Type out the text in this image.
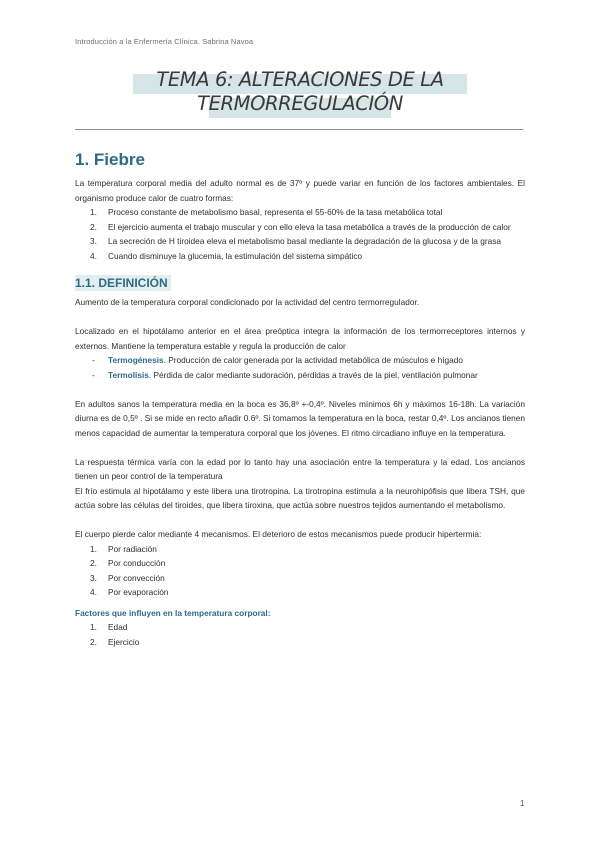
Introducción a la Enfermería Clínica. Sabrina Navoa
TEMA 6: ALTERACIONES DE LA
TERMORREGULACIÓN
1. Fiebre

La temperatura corporal media del adulto normal es de 37º y puede variar en función de los factores ambientales. El organismo produce calor de cuatro formas:

1. Proceso constante de metabolismo basal, representa el 55-60% de la tasa metabólica total
2. El ejercicio aumenta el trabajo muscular y con ello eleva la tasa metabólica a través de la producción de calor
3. La secreción de H tiroidea eleva el metabolismo basal mediante la degradación de la glucosa y de la grasa
4. Cuando disminuye la glucemia, la estimulación del sistema simpático
1.1. DEFINICIÓN

Aumento de la temperatura corporal condicionado por la actividad del centro termorregulador.

Localizado en el hipotálamo anterior en el área preóptica integra la información de los termorreceptores internos y externos. Mantiene la temperatura estable y regula la producción de calor

- Termogénesis. Producción de calor generada por la actividad metabólica de músculos e hígado
- Termolisis. Pérdida de calor mediante sudoración, pérdidas a través de la piel, ventilación pulmonar

En adultos sanos la temperatura media en la boca es 36,8º +-0,4º. Niveles mínimos 6h y máximos 16-18h. La variación diurna es de 0,5º . Si se mide en recto añadir 0.6º. Si tomamos la temperatura en la boca, restar 0,4º. Los ancianos tienen menos capacidad de aumentar la temperatura corporal que los jóvenes. El ritmo circadiano influye en la temperatura.

La respuesta térmica varía con la edad por lo tanto hay una asociación entre la temperatura y la edad. Los ancianos tienen un peor control de la temperatura

El frío estimula al hipotálamo y este libera una tirotropina. La tirotropina estimula a la neurohipófisis que libera TSH, que actúa sobre las células del tiroides, que libera tiroxina, que actúa sobre nuestros tejidos aumentando el metabolismo.

El cuerpo pierde calor mediante 4 mecanismos. El deterioro de estos mecanismos puede producir hipertermia:

1. Por radiación
2. Por conducción
3. Por convección
4. Por evaporación
Factores que influyen en la temperatura corporal:
1. Edad
2. Ejercicio
1
